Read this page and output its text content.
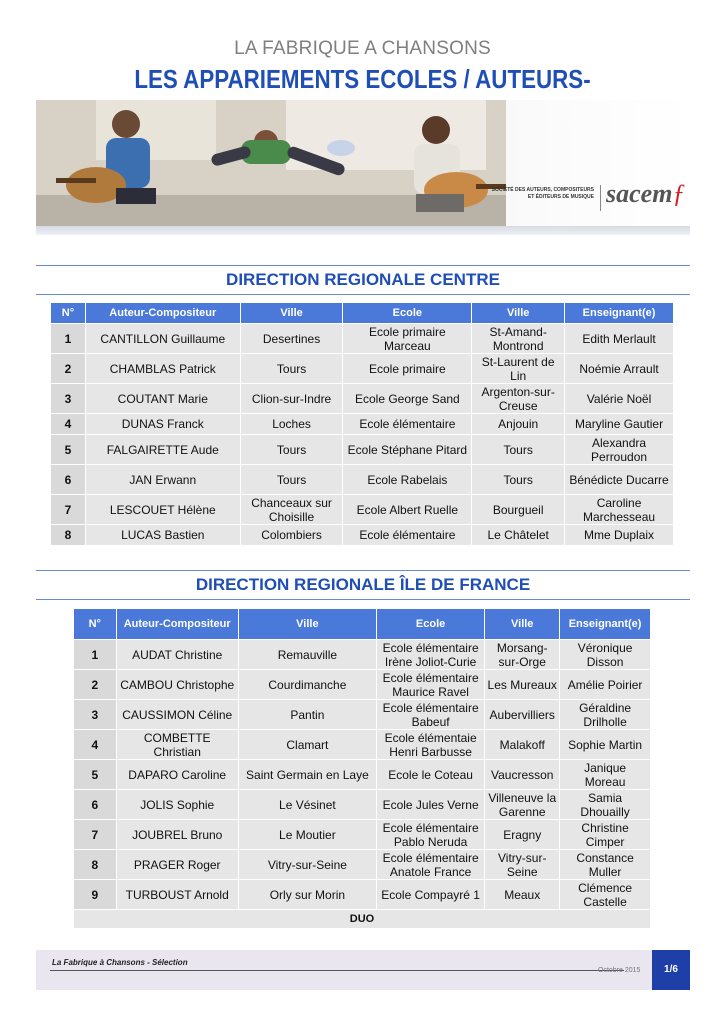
LA FABRIQUE A CHANSONS
LES APPARIEMENTS ECOLES / AUTEURS-
SOCIÉTÉ DES AUTEURS, COMPOSITEURS
ET ÉDITEURS DE MUSIQUE sacemƒ
DIRECTION REGIONALE CENTRE
N°	Auteur-Compositeur	Ville	Ecole	Ville	Enseignant(e)
1	CANTILLON Guillaume	Desertines	Ecole primaire Marceau	St-Amand-Montrond	Edith Merlault
2	CHAMBLAS Patrick	Tours	Ecole primaire	St-Laurent de Lin	Noémie Arrault
3	COUTANT Marie	Clion-sur-Indre	Ecole George Sand	Argenton-sur-Creuse	Valérie Noël
4	DUNAS Franck	Loches	Ecole élémentaire	Anjouin	Maryline Gautier
5	FALGAIRETTE Aude	Tours	Ecole Stéphane Pitard	Tours	Alexandra Perroudon
6	JAN Erwann	Tours	Ecole Rabelais	Tours	Bénédicte Ducarre
7	LESCOUET Hélène	Chanceaux sur Choisille	Ecole Albert Ruelle	Bourgueil	Caroline Marchesseau
8	LUCAS Bastien	Colombiers	Ecole élémentaire	Le Châtelet	Mme Duplaix
DIRECTION REGIONALE ÎLE DE FRANCE
N°	Auteur-Compositeur	Ville	Ecole	Ville	Enseignant(e)
1	AUDAT Christine	Remauville	Ecole élémentaire Irène Joliot-Curie	Morsang-sur-Orge	Véronique Disson
2	CAMBOU Christophe	Courdimanche	Ecole élémentaire Maurice Ravel	Les Mureaux	Amélie Poirier
3	CAUSSIMON Céline	Pantin	Ecole élémentaire Babeuf	Aubervilliers	Géraldine Drilholle
4	COMBETTE Christian	Clamart	Ecole élémentaie Henri Barbusse	Malakoff	Sophie Martin
5	DAPARO Caroline	Saint Germain en Laye	Ecole le Coteau	Vaucresson	Janique Moreau
6	JOLIS Sophie	Le Vésinet	Ecole Jules Verne	Villeneuve la Garenne	Samia Dhouailly
7	JOUBREL Bruno	Le Moutier	Ecole élémentaire Pablo Neruda	Eragny	Christine Cimper
8	PRAGER Roger	Vitry-sur-Seine	Ecole élémentaire Anatole France	Vitry-sur-Seine	Constance Muller
9	TURBOUST Arnold	Orly sur Morin	Ecole Compayré 1	Meaux	Clémence Castelle
DUO					
La Fabrique à Chansons - Sélection
Octobre 2015	1/6
